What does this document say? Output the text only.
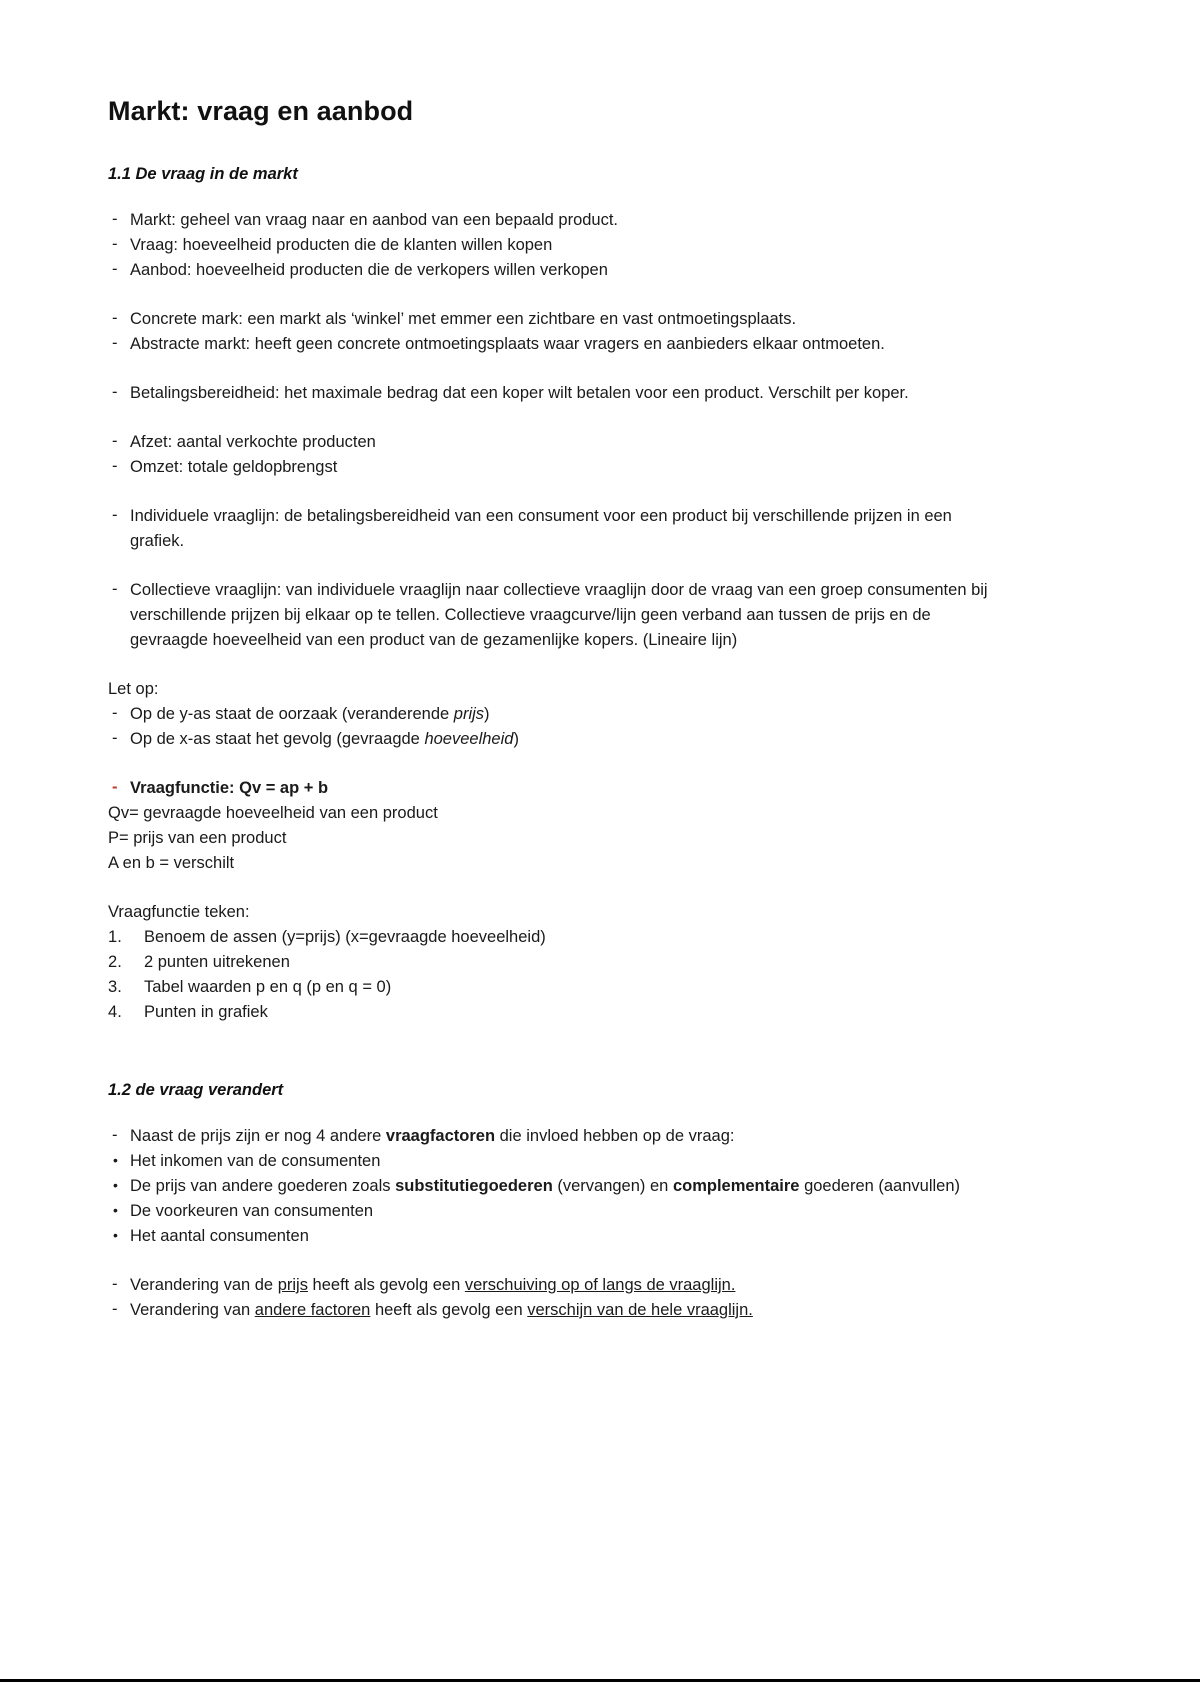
Markt: vraag en aanbod
1.1 De vraag in de markt
- Markt: geheel van vraag naar en aanbod van een bepaald product.
- Vraag: hoeveelheid producten die de klanten willen kopen
- Aanbod: hoeveelheid producten die de verkopers willen verkopen
- Concrete mark: een markt als ‘winkel’ met emmer een zichtbare en vast ontmoetingsplaats.
- Abstracte markt: heeft geen concrete ontmoetingsplaats waar vragers en aanbieders elkaar ontmoeten.
- Betalingsbereidheid: het maximale bedrag dat een koper wilt betalen voor een product. Verschilt per koper.
- Afzet: aantal verkochte producten
- Omzet: totale geldopbrengst
- Individuele vraaglijn: de betalingsbereidheid van een consument voor een product bij verschillende prijzen in een grafiek.
- Collectieve vraaglijn: van individuele vraaglijn naar collectieve vraaglijn door de vraag van een groep consumenten bij verschillende prijzen bij elkaar op te tellen. Collectieve vraagcurve/lijn geen verband aan tussen de prijs en de gevraagde hoeveelheid van een product van de gezamenlijke kopers. (Lineaire lijn)

Let op:

- Op de y-as staat de oorzaak (veranderende prijs)
- Op de x-as staat het gevolg (gevraagde hoeveelheid)
- Vraagfunctie: Qv = ap + b

Qv= gevraagde hoeveelheid van een product

P= prijs van een product

A en b = verschilt

Vraagfunctie teken:

Benoem de assen (y=prijs) (x=gevraagde hoeveelheid)
2 punten uitrekenen
Tabel waarden p en q (p en q = 0)
Punten in grafiek
1.2 de vraag verandert
- Naast de prijs zijn er nog 4 andere vraagfactoren die invloed hebben op de vraag:
• Het inkomen van de consumenten
• De prijs van andere goederen zoals substitutiegoederen (vervangen) en complementaire goederen (aanvullen)
• De voorkeuren van consumenten
• Het aantal consumenten
- Verandering van de prijs heeft als gevolg een verschuiving op of langs de vraaglijn.
- Verandering van andere factoren heeft als gevolg een verschijn van de hele vraaglijn.
